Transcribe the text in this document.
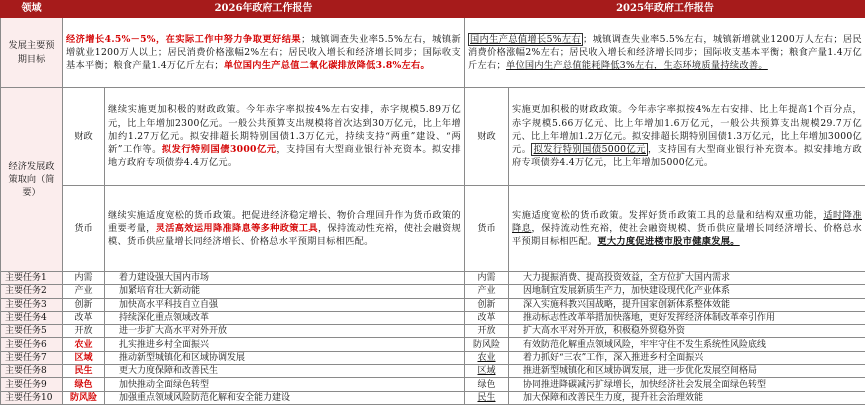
领域	2026年政府工作报告		2025年政府工作报告	
发展主要预期目标	经济增长4.5%－5%，在实际工作中努力争取更好结果；城镇调查失业率5.5%左右，城镇新增就业1200万人以上；居民消费价格涨幅2%左右；居民收入增长和经济增长同步；国际收支基本平衡；粮食产量1.4万亿斤左右；单位国内生产总值二氧化碳排放降低3.8%左右。		国内生产总值增长5%左右 ；城镇调查失业率5.5%左右，城镇新增就业1200万人左右；居民消费价格涨幅2%左右；居民收入增长和经济增长同步；国际收支基本平衡；粮食产量1.4万亿斤左右；单位国内生产总值能耗降低3%左右，生态环境质量持续改善。	
经济发展政策取向（简要）	财政	继续实施更加积极的财政政策。今年赤字率拟按4%左右安排，赤字规模5.89万亿元，比上年增加2300亿元。一般公共预算支出规模将首次达到30万亿元，比上年增加约1.27万亿元。拟安排超长期特别国债1.3万亿元，持续支持“两重”建设、“两新”工作等。拟发行特别国债3000亿元，支持国有大型商业银行补充资本。拟安排地方政府专项债券4.4万亿元。	财政	实施更加积极的财政政策。今年赤字率拟按4%左右安排、比上年提高1个百分点，赤字规模5.66万亿元、比上年增加1.6万亿元，一般公共预算支出规模29.7万亿元、比上年增加1.2万亿元。拟安排超长期特别国债1.3万亿元，比上年增加3000亿元。 拟发行特别国债5000亿元 ，支持国有大型商业银行补充资本。拟安排地方政府专项债券4.4万亿元，比上年增加5000亿元。
	货币	继续实施适度宽松的货币政策。把促进经济稳定增长、物价合理回升作为货币政策的重要考量，灵活高效运用降准降息等多种政策工具，保持流动性充裕，使社会融资规模、货币供应量增长同经济增长、价格总水平预期目标相匹配。	货币	实施适度宽松的货币政策。发挥好货币政策工具的总量和结构双重功能，适时降准降息，保持流动性充裕，使社会融资规模、货币供应量增长同经济增长、价格总水平预期目标相匹配。更大力度促进楼市股市健康发展。
主要任务1	内需	着力建设强大国内市场	内需	大力提振消费、提高投资效益，全方位扩大国内需求
主要任务2	产业	加紧培育壮大新动能	产业	因地制宜发展新质生产力，加快建设现代化产业体系
主要任务3	创新	加快高水平科技自立自强	创新	深入实施科教兴国战略，提升国家创新体系整体效能
主要任务4	改革	持续深化重点领域改革	改革	推动标志性改革举措加快落地，更好发挥经济体制改革牵引作用
主要任务5	开放	进一步扩大高水平对外开放	开放	扩大高水平对外开放，积极稳外贸稳外资
主要任务6	农业	扎实推进乡村全面振兴	防风险	有效防范化解重点领域风险，牢牢守住不发生系统性风险底线
主要任务7	区域	推动新型城镇化和区域协调发展	农业	着力抓好“三农”工作，深入推进乡村全面振兴
主要任务8	民生	更大力度保障和改善民生	区域	推进新型城镇化和区域协调发展，进一步优化发展空间格局
主要任务9	绿色	加快推动全面绿色转型	绿色	协同推进降碳减污扩绿增长，加快经济社会发展全面绿色转型
主要任务10	防风险	加强重点领域风险防范化解和安全能力建设	民生	加大保障和改善民生力度，提升社会治理效能
